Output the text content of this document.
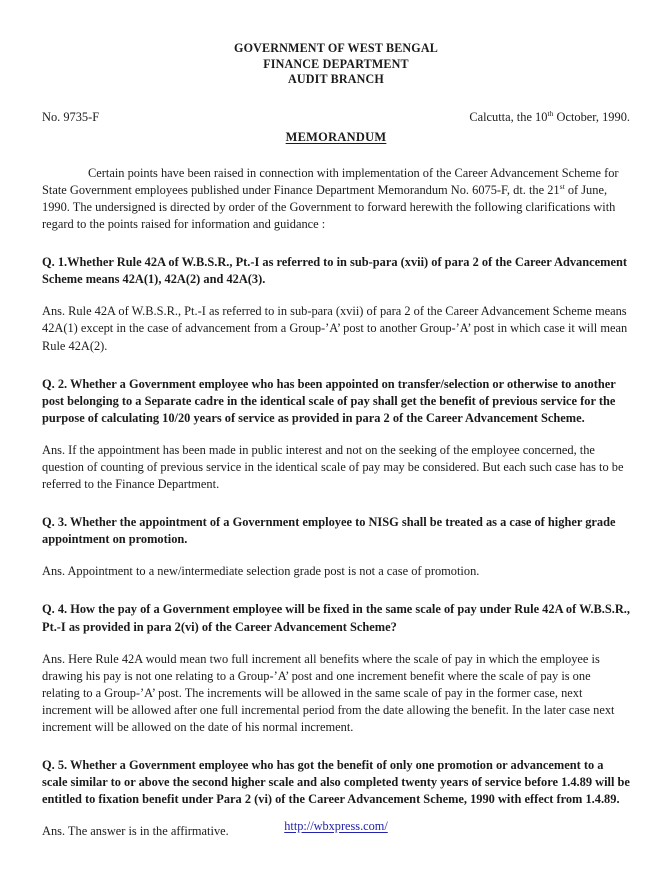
GOVERNMENT OF WEST BENGAL
FINANCE DEPARTMENT
AUDIT BRANCH
No. 9735-F	Calcutta, the 10th October, 1990.
MEMORANDUM

Certain points have been raised in connection with implementation of the Career Advancement Scheme for State Government employees published under Finance Department Memorandum No. 6075-F, dt. the 21st of June, 1990. The undersigned is directed by order of the Government to forward herewith the following clarifications with regard to the points raised for information and guidance :

Q. 1.Whether Rule 42A of W.B.S.R., Pt.-I as referred to in sub-para (xvii) of para 2 of the Career Advancement Scheme means 42A(1), 42A(2) and 42A(3).

Ans. Rule 42A of W.B.S.R., Pt.-I as referred to in sub-para (xvii) of para 2 of the Career Advancement Scheme means 42A(1) except in the case of advancement from a Group-’A’ post to another Group-’A’ post in which case it will mean Rule 42A(2).

Q. 2. Whether a Government employee who has been appointed on transfer/selection or otherwise to another post belonging to a Separate cadre in the identical scale of pay shall get the benefit of previous service for the purpose of calculating 10/20 years of service as provided in para 2 of the Career Advancement Scheme.

Ans. If the appointment has been made in public interest and not on the seeking of the employee concerned, the question of counting of previous service in the identical scale of pay may be considered. But each such case has to be referred to the Finance Department.

Q. 3. Whether the appointment of a Government employee to NISG shall be treated as a case of higher grade appointment on promotion.

Ans. Appointment to a new/intermediate selection grade post is not a case of promotion.

Q. 4. How the pay of a Government employee will be fixed in the same scale of pay under Rule 42A of W.B.S.R., Pt.-I as provided in para 2(vi) of the Career Advancement Scheme?

Ans. Here Rule 42A would mean two full increment all benefits where the scale of pay in which the employee is drawing his pay is not one relating to a Group-’A’ post and one increment benefit where the scale of pay is one relating to a Group-’A’ post. The increments will be allowed in the same scale of pay in the former case, next increment will be allowed after one full incremental period from the date allowing the benefit. In the later case next increment will be allowed on the date of his normal increment.

Q. 5. Whether a Government employee who has got the benefit of only one promotion or advancement to a scale similar to or above the second higher scale and also completed twenty years of service before 1.4.89 will be entitled to fixation benefit under Para 2 (vi) of the Career Advancement Scheme, 1990 with effect from 1.4.89.

Ans. The answer is in the affirmative.	http://wbxpress.com/
